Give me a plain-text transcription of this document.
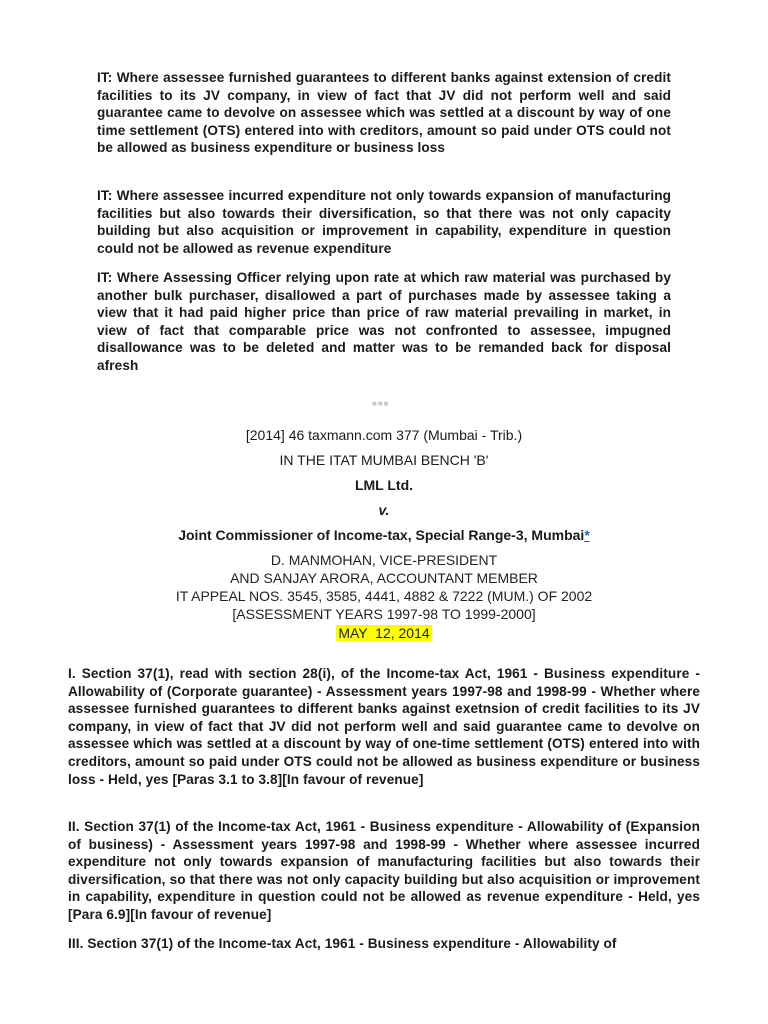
IT: Where assessee furnished guarantees to different banks against extension of credit facilities to its JV company, in view of fact that JV did not perform well and said guarantee came to devolve on assessee which was settled at a discount by way of one time settlement (OTS) entered into with creditors, amount so paid under OTS could not be allowed as business expenditure or business loss

IT: Where assessee incurred expenditure not only towards expansion of manufacturing facilities but also towards their diversification, so that there was not only capacity building but also acquisition or improvement in capability, expenditure in question could not be allowed as revenue expenditure

IT: Where Assessing Officer relying upon rate at which raw material was purchased by another bulk purchaser, disallowed a part of purchases made by assessee taking a view that it had paid higher price than price of raw material prevailing in market, in view of fact that comparable price was not confronted to assessee, impugned disallowance was to be deleted and matter was to be remanded back for disposal afresh

■■■
[2014] 46 taxmann.com 377 (Mumbai - Trib.)
IN THE ITAT MUMBAI BENCH 'B'
LML Ltd.
v.
Joint Commissioner of Income-tax, Special Range-3, Mumbai*
D. MANMOHAN, VICE-PRESIDENT
AND SANJAY ARORA, ACCOUNTANT MEMBER
IT APPEAL NOS. 3545, 3585, 4441, 4882 & 7222 (MUM.) OF 2002
[ASSESSMENT YEARS 1997-98 TO 1999-2000]
MAY  12, 2014

I. Section 37(1), read with section 28(i), of the Income-tax Act, 1961 - Business expenditure - Allowability of (Corporate guarantee) - Assessment years 1997-98 and 1998-99 - Whether where assessee furnished guarantees to different banks against exetnsion of credit facilities to its JV company, in view of fact that JV did not perform well and said guarantee came to devolve on assessee which was settled at a discount by way of one-time settlement (OTS) entered into with creditors, amount so paid under OTS could not be allowed as business expenditure or business loss - Held, yes [Paras 3.1 to 3.8][In favour of revenue]

II. Section 37(1) of the Income-tax Act, 1961 - Business expenditure - Allowability of (Expansion of business) - Assessment years 1997-98 and 1998-99 - Whether where assessee incurred expenditure not only towards expansion of manufacturing facilities but also towards their diversification, so that there was not only capacity building but also acquisition or improvement in capability, expenditure in question could not be allowed as revenue expenditure - Held, yes [Para 6.9][In favour of revenue]

III. Section 37(1) of the Income-tax Act, 1961 - Business expenditure - Allowability of
